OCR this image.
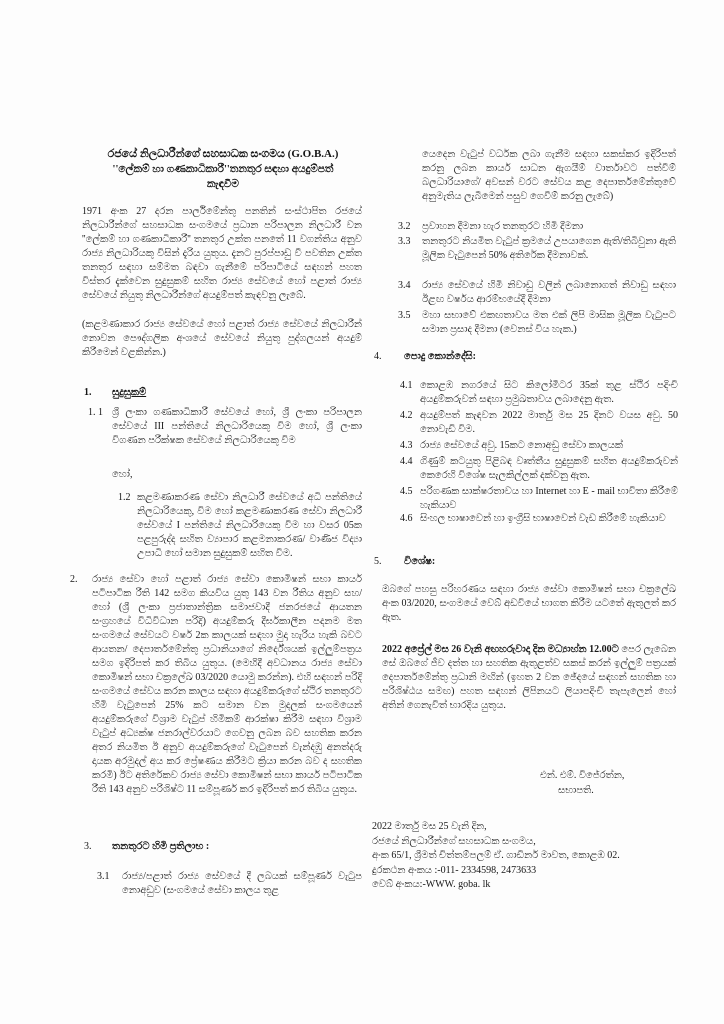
රජයේ නිලධාරීන්ගේ සහසාධක සංගමය (G.O.B.A.)
''ලේකම් හා ගණකාධිකාරී''තනතුර සඳහා අයදුම්පත්
කැඳවීම
1971 අංක 27 දරන පාර්ලිමේන්තු පනතින් සංස්ථාපිත රජයේ නිලධාරීන්ගේ සහසාධක සංගමයේ ප්‍රධාන පරිපාලන නිලධාරී වන ''ලේකම් හා ගණකාධිකාරී'' තනතුර උක්ත පනතේ 11 වගන්තිය අනුව රාජ්‍ය නිලධාරියකු විසින් දැරිය යුතුය. දැනට පුරප්පාඩු වී පවතින උක්ත තනතුර සඳහා සම්මත බඳවා ගැනීමේ පරිපාටියේ සඳහන් පහත විස්තර දැක්වෙන සුදුසුකම් සහිත රාජ්‍ය සේවයේ හෝ පළාත් රාජ්‍ය සේවයේ නියුතු නිලධාරීන්ගේ අයදුම්පත් කැඳවනු ලැබේ.
(කළමණාකාර රාජ්‍ය සේවයේ හෝ පළාත් රාජ්‍ය සේවයේ නිලධාරීන් නොවන පෞද්ගලික අංශයේ සේවයේ නියුතු පුද්ගලයන් අයදුම් කිරීමෙන් වළකින්න.)
1. සුදුසුකම්
1. 1 ශ්‍රී ලංකා ගණකාධිකාරී සේවයේ හෝ, ශ්‍රී ලංකා පරිපාලන සේවයේ III පන්තියේ නිලධාරියෙකු විම හෝ, ශ්‍රී ලංකා විගණන පරීක්ෂක සේවයේ නිලධාරියෙකු විම
හෝ,
1.2 කළමණාකරණ සේවා නිලධාරී සේවයේ අධි පන්තියේ නිලධාරියෙකු, විම හෝ කළමණාකරණ සේවා නිලධාරී සේවයේ I පන්තියේ නිලධාරියෙකු විම හා වසර 05ක පළපුරුද්ද සහිත ව්‍යාපාර කළමනාකරණ/ වාණිජ විද්‍යා උපාධි හෝ සමාන සුදුසුකම් සහිත විම.
2.	රාජ්‍ය සේවා හෝ පළාත් රාජ්‍ය සේවා කොමිෂන් සභා කාර්ය පටිපාටික රීති 142 සමග කියවිය යුතු 143 වන රීතිය අනුව සහ/ හෝ (ශ්‍රී ලංකා ප්‍රජාතාන්ත්‍රික සමාජවාදී ජනරජයේ ආයතන සංග්‍රහයේ විධිවිධාන පරිදි) අයදුම්කරු දීර්ඝකාලීන පදනම මත සංගමයේ සේවයට වර්ෂ 2ක කාලයක් සඳහා මුදා හැරිය හැකි බවට ආයතන/ දෙපාර්තමේන්තු ප්‍රධානියාගේ නිර්දේශයක් ඉල්ලුම්පත්‍රය සමග ඉදිරිපත් කර තිබිය යුතුය. (මෙහිදී අවධානය රාජ්‍ය සේවා කොමිෂන් සභා චක්‍රලේඛ 03/2020 යොමු කරන්න). එහි සඳහන් පරිදි සංගමයේ සේවය කරන කාලය සඳහා අයදුම්කරුගේ ස්ථිර තනතුරට හිමි වැටුපෙන් 25% කට සමාන වන මුදලක් සංගමයෙන් අයදුම්කරුගේ විශ්‍රාම වැටුප් හිමිකම් ආරක්ෂා කිරීම සඳහා විශ්‍රාම වැටුප් අධ්‍යක්ෂ ජනරාල්වරයාට ගෙවනු ලබන බව සහතික කරන අතර නියමිත ඊ අනුව අයදුම්කරුගේ වැටුපෙන් වැන්දඹු අනත්දරු දායක අරමුදල් අය කර ප්‍රේෂණය කිරීමට ක්‍රියා කරන බව ද සහතික කරමි) ඊට අතිරේකව රාජ්‍ය සේවා කොමිෂන් සභා කාර්ය පටිපාටික රීති 143 අනුව පරිශිෂ්ට 11 සම්පූර්ණ කර ඉදිරිපත් කර තිබිය යුතුය.
3. තනතුරට හිමි ප්‍රතිලාභ :
3.1	රාජ්‍ය/පළාත් රාජ්‍ය සේවයේ දී ලබයක් සම්පූර්ණ වැටුප නොඅඩුව (සංගමයේ සේවා කාලය තුළ
යෙදෙන වැටුප් වර්ධක ලබා ගැනීම සඳහා සකස්කර ඉදිරිපත් කරනු ලබන කාර්ය සාධන ඇගයීම් වාර්තාවට පත්වීම් බලධාරියාගේ/ අවසන් වරට සේවය කළ දෙපාර්තමේන්තුවේ අනුමැතිය ලැබීමෙන් පසුව ගෙවීම් කරනු ලැබේ)
3.2	ප්‍රවාහන දීමනා හැර තනතුරට හිමි දීමනා
3.3	තනතුරට නියමිත වැටුප් ක්‍රමයේ උපයාගෙන ඇති/තිබිවුනා ඇති මූලික වැටුපෙන් 50% අතිරේක දීමනාවක්.
3.4	රාජ්‍ය සේවයේ හිමි නිවාඩු වලින් ලබානොගත් නිවාඩු සඳහා ඊළඟ වර්ෂය ආරම්භයේදී දීමනා
3.5	මහා සභාවේ එකඟතාවය මත එක් ලිපි මාසික මූලික වැටුපට සමාන ප්‍රසාද දීමනා (වෙනස් විය හැක.)
4. පොදු කොන්දේසි:
4.1 කොළඹ නගරයේ සිට කිලෝමීටර 35ක් තුළ ස්ථිර පදිංචි අයදුම්කරුවන් සඳහා ප්‍රමුඛතාවය ලබාදෙනු ඇත.
4.2 අයදුම්පත් කැඳවන 2022 මාර්තු මස 25 දිනට වයස අවු. 50 නොවැඩි විම.
4.3 රාජ්‍ය සේවයේ අවු. 15කට නොඅඩු සේවා කාලයක්
4.4 ගිණුම් කටයුතු පිළිබඳ වෘත්තීය සුදුසුකම් සහිත අයදුම්කරුවන් කෙරෙහි විශේෂ සැලකිල්ලක් දක්වනු ඇත.
4.5 පරිගණක සාක්ෂරතාවය හා Internet හා E - mail භාවිතා කිරීමේ හැකියාව
4.6 සිංහල භාෂාවෙන් හා ඉංග්‍රීසි භාෂාවෙන් වැඩ කිරීමේ හැකියාව
5. විශේෂ:
ඔබගේ පහසු පරිහරණය සඳහා රාජ්‍ය සේවා කොමිෂන් සභා චක්‍රලේඛ අංක 03/2020, සංගමයේ වෙබ් අඩවියේ භාගත කිරීම යටතේ ඇතුලත් කර ඇත.
2022 අප්‍රේල් මස 26 වැනි අඟහරුවාදා දින මධ්‍යාහ්න 12.00ට පෙර ලැබෙන සේ ඔබගේ ජීව දත්ත හා සහතික ඇතුළත්ව සකස් කරන් ඉල්ලුම් පත්‍රයක් දෙපාර්තමේන්තු ප්‍රධානි මඟින් (ඉහත 2 වන ඡේදයේ සඳහන් සහතික හා පරිශිෂ්ඨය සමඟ) පහත සඳහන් ලිපිනයට ලියාපදිංචි තැපැලෙන් හෝ අතින් ගෙනැවිත් භාරදිය යුතුය.
එන්. එම්. විජේරත්න,
සභාපති.
2022 මාර්තු මස 25 වැනි දින,
රජයේ නිලධාරීන්ගේ සහසාධක සංගමය,
අංක 65/1, ශ්‍රීමත් චිත්තම්පලම් ඒ. ගාඩිනර් මාවත, කොළඹ 02.
දුරකථන අංකය :-011- 2334598, 2473633
වෙබ් අංකය:-WWW. goba. lk
